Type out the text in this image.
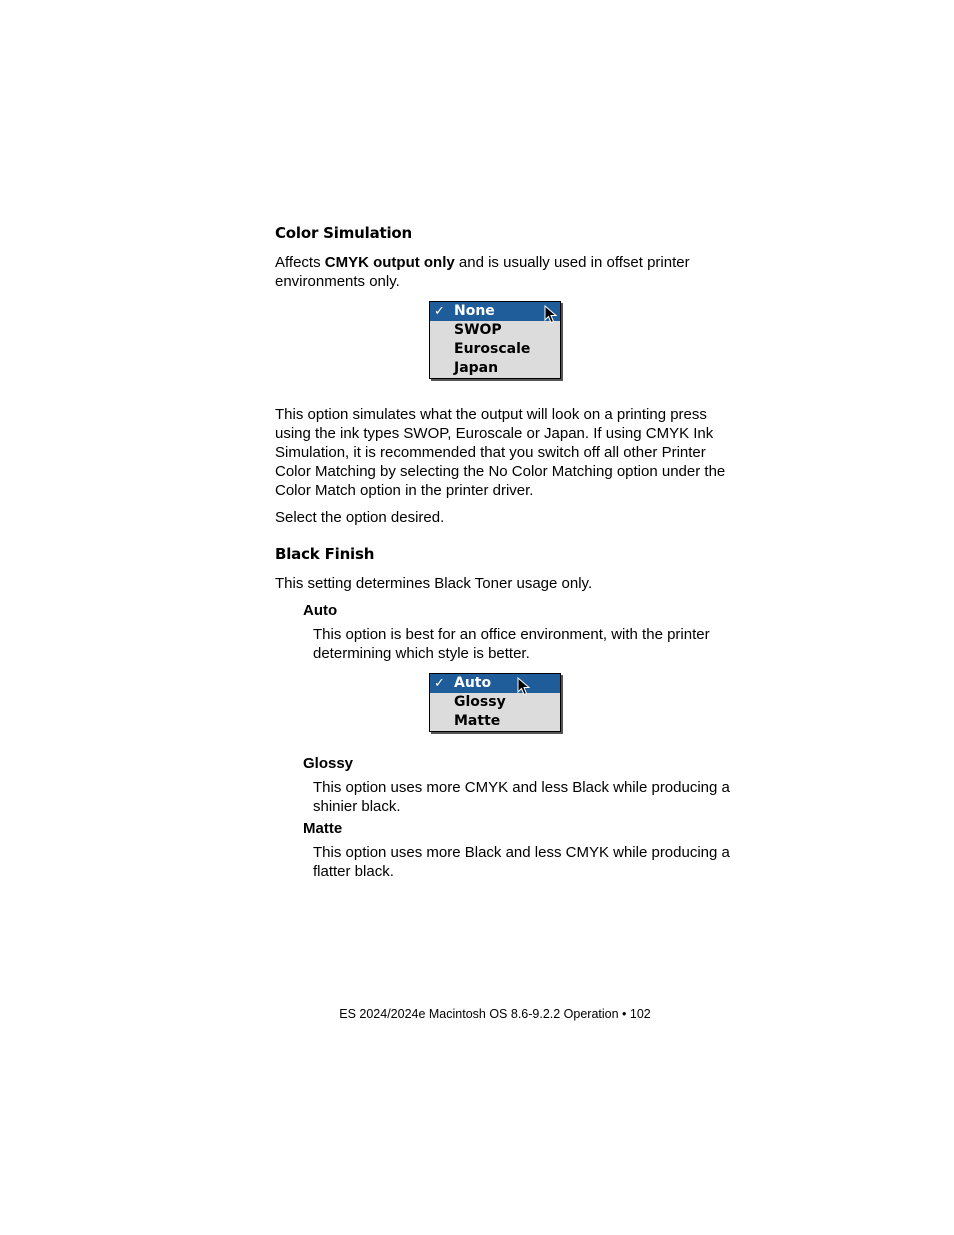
Color Simulation
Affects CMYK output only and is usually used in offset printer environments only.
✓ None
SWOP
Euroscale
Japan
This option simulates what the output will look on a printing press using the ink types SWOP, Euroscale or Japan. If using CMYK Ink Simulation, it is recommended that you switch off all other Printer Color Matching by selecting the No Color Matching option under the Color Match option in the printer driver.
Select the option desired.
Black Finish
This setting determines Black Toner usage only.
Auto
This option is best for an office environment, with the printer determining which style is better.
✓ Auto
Glossy
Matte
Glossy
This option uses more CMYK and less Black while producing a shinier black.
Matte
This option uses more Black and less CMYK while producing a flatter black.
ES 2024/2024e Macintosh OS 8.6-9.2.2 Operation • 102
